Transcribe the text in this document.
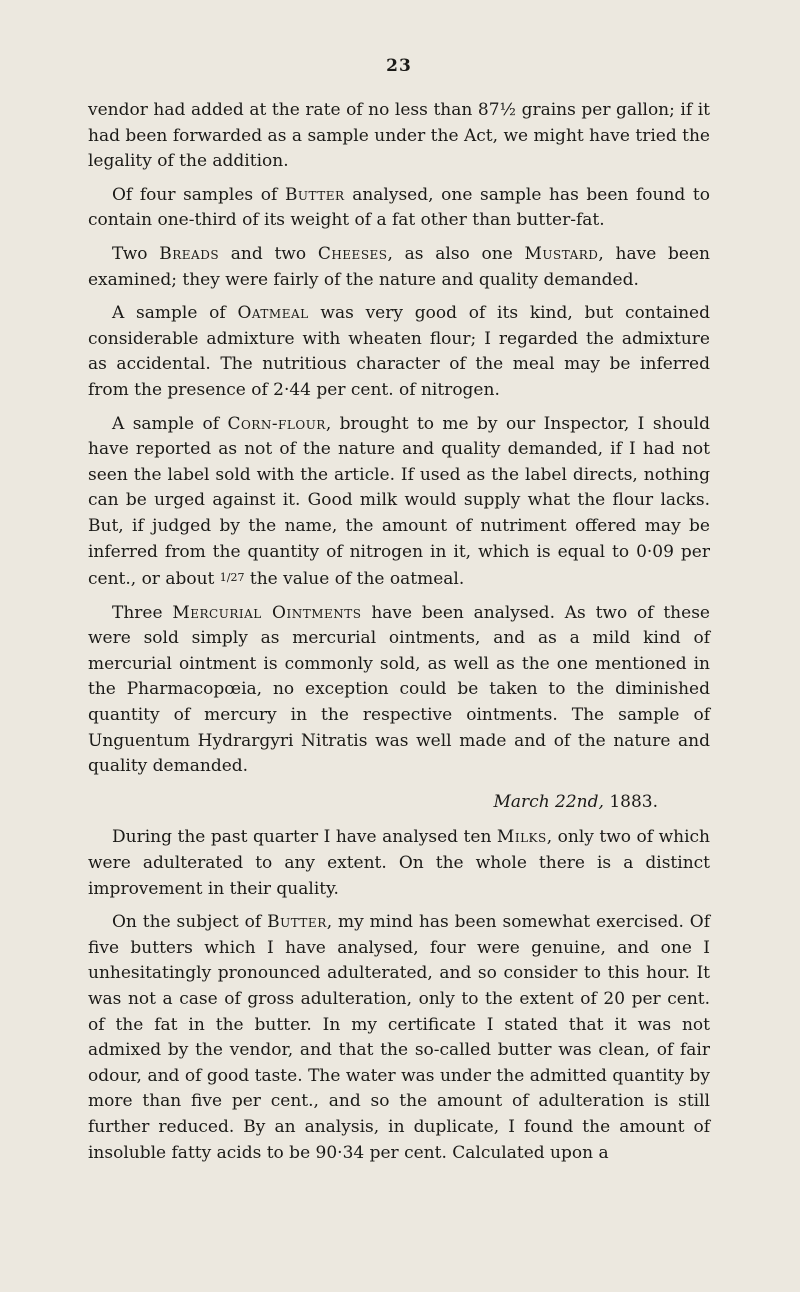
23

vendor had added at the rate of no less than 87½ grains per gallon; if it had been forwarded as a sample under the Act, we might have tried the legality of the addition.

Of four samples of Butter analysed, one sample has been found to contain one-third of its weight of a fat other than butter-fat.

Two Breads and two Cheeses, as also one Mustard, have been examined; they were fairly of the nature and quality demanded.

A sample of Oatmeal was very good of its kind, but contained considerable admixture with wheaten flour; I regarded the admixture as accidental. The nutritious character of the meal may be inferred from the presence of 2·44 per cent. of nitrogen.

A sample of Corn-flour, brought to me by our Inspector, I should have reported as not of the nature and quality demanded, if I had not seen the label sold with the article. If used as the label directs, nothing can be urged against it. Good milk would supply what the flour lacks. But, if judged by the name, the amount of nutriment offered may be inferred from the quantity of nitrogen in it, which is equal to 0·09 per cent., or about 1/27 the value of the oatmeal.

Three Mercurial Ointments have been analysed. As two of these were sold simply as mercurial ointments, and as a mild kind of mercurial ointment is commonly sold, as well as the one mentioned in the Pharmacopœia, no exception could be taken to the diminished quantity of mercury in the respective ointments. The sample of Unguentum Hydrargyri Nitratis was well made and of the nature and quality demanded.

March 22nd, 1883.

During the past quarter I have analysed ten Milks, only two of which were adulterated to any extent. On the whole there is a distinct improvement in their quality.

On the subject of Butter, my mind has been somewhat exercised. Of five butters which I have analysed, four were genuine, and one I unhesitatingly pronounced adulterated, and so consider to this hour. It was not a case of gross adulteration, only to the extent of 20 per cent. of the fat in the butter. In my certificate I stated that it was not admixed by the vendor, and that the so-called butter was clean, of fair odour, and of good taste. The water was under the admitted quantity by more than five per cent., and so the amount of adulteration is still further reduced. By an analysis, in duplicate, I found the amount of insoluble fatty acids to be 90·34 per cent. Calculated upon a
